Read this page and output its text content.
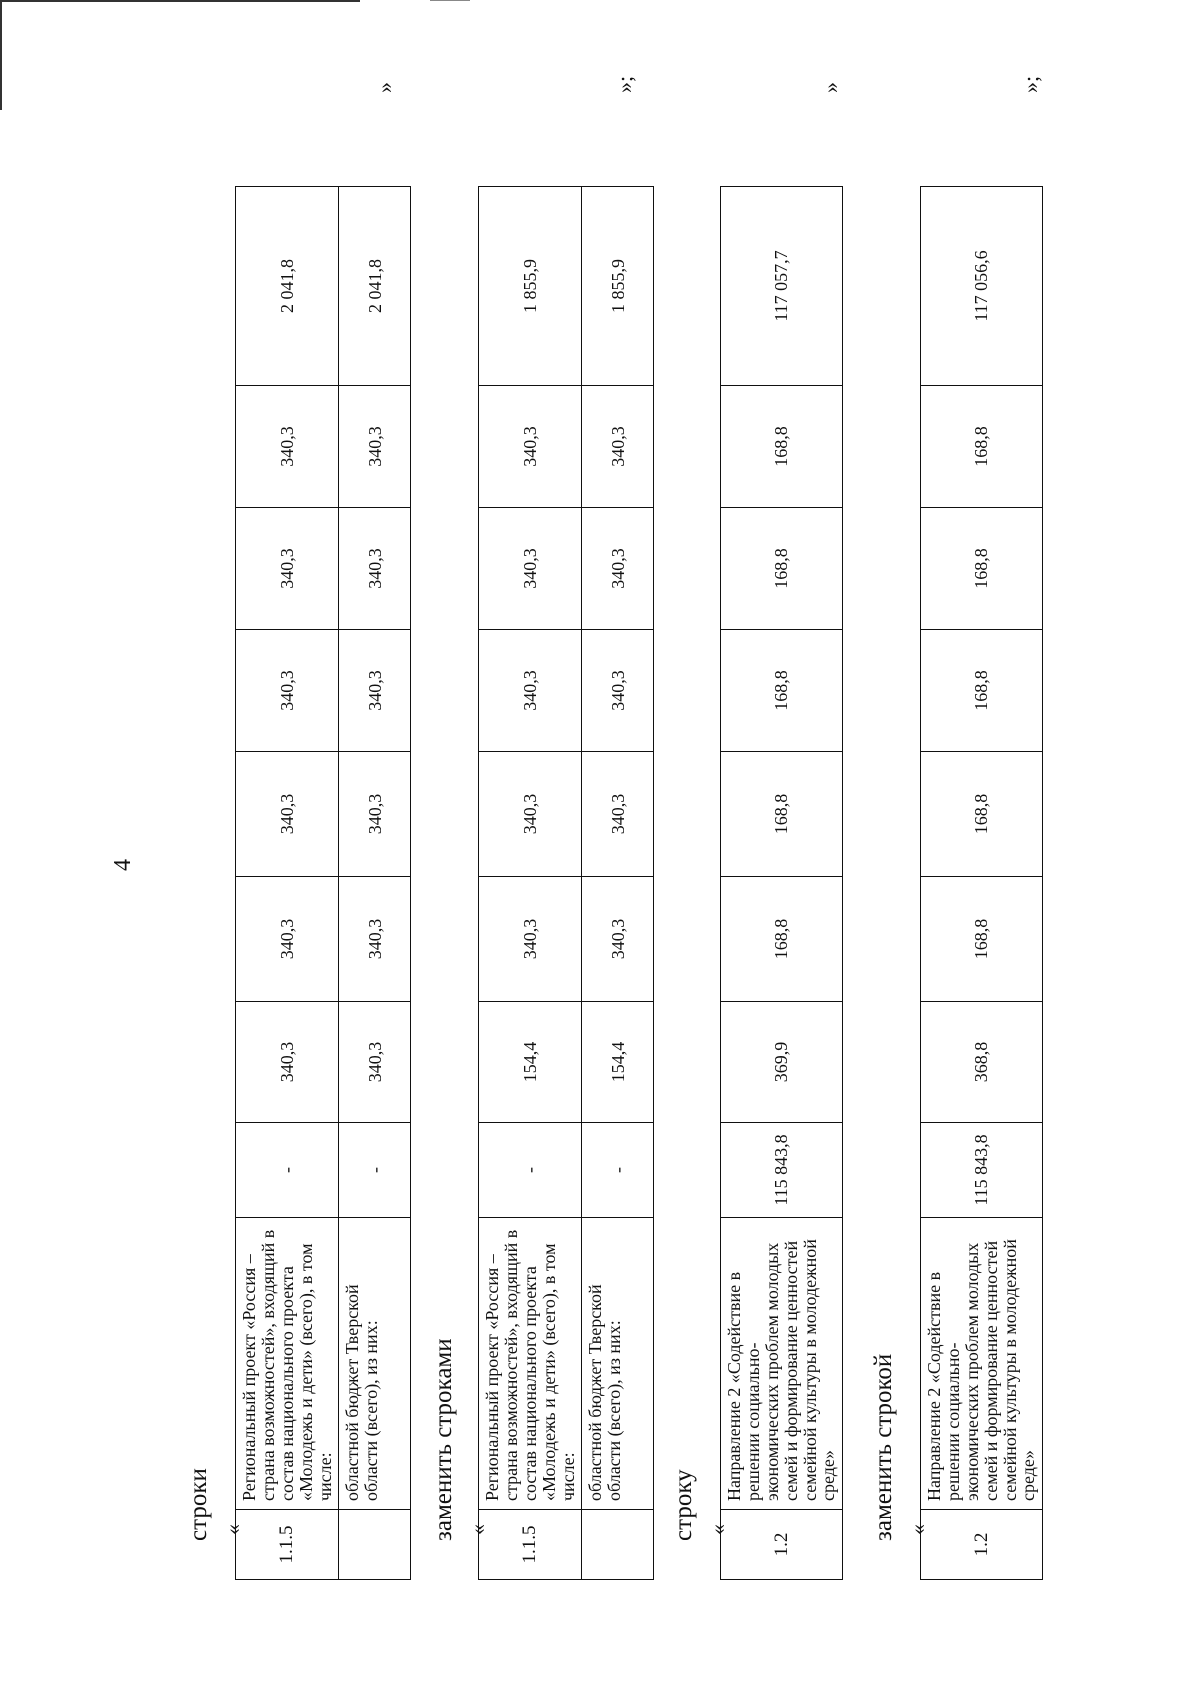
4
строки « 1.1.5	Региональный проект «Россия – страна возможностей», входящий в состав национального проекта «Молодежь и дети» (всего), в том числе:	-	340,3	340,3	340,3	340,3	340,3	340,3	2 041,8
	областной бюджет Тверской области (всего), из них:	-	340,3	340,3	340,3	340,3	340,3	340,3	2 041,8
»
заменить строками « 1.1.5	Региональный проект «Россия – страна возможностей», входящий в состав национального проекта «Молодежь и дети» (всего), в том числе:	-	154,4	340,3	340,3	340,3	340,3	340,3	1 855,9
	областной бюджет Тверской области (всего), из них:	-	154,4	340,3	340,3	340,3	340,3	340,3	1 855,9
»;
строку «
1.2	Направление 2 «Содействие в решении социально-экономических проблем молодых семей и формирование ценностей семейной культуры в молодежной среде»	115 843,8	369,9	168,8	168,8	168,8	168,8	168,8	117 057,7
»
заменить строкой «
1.2	Направление 2 «Содействие в решении социально-экономических проблем молодых семей и формирование ценностей семейной культуры в молодежной среде»	115 843,8	368,8	168,8	168,8	168,8	168,8	168,8	117 056,6
»;
